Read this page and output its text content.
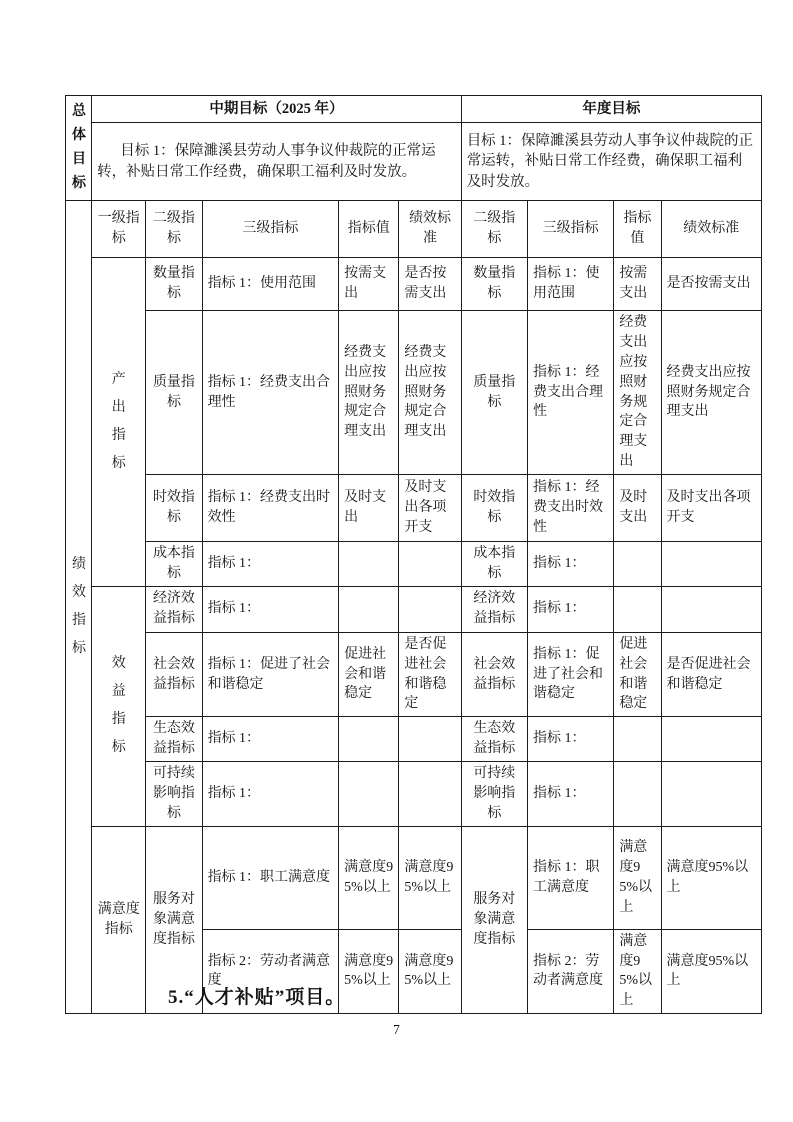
总体目标	中期目标（2025 年）					年度目标			
	目标 1：保障濉溪县劳动人事争议仲裁院的正常运转，补贴日常工作经费，确保职工福利及时发放。					目标 1：保障濉溪县劳动人事争议仲裁院的正常运转，补贴日常工作经费，确保职工福利及时发放。			

绩效指标	一级指标	二级指标	三级指标	指标值	绩效标准	二级指标	三级指标	指标值	绩效标准

	产出指标	数量指标	指标 1：使用范围	按需支出	是否按需支出	数量指标	指标 1：使用范围	按需支出	是否按需支出
		质量指标	指标 1：经费支出合理性	经费支出应按照财务规定合理支出	经费支出应按照财务规定合理支出	质量指标	指标 1：经费支出合理性	经费支出应按照财务规定合理支出	经费支出应按照财务规定合理支出
		时效指标	指标 1：经费支出时效性	及时支出	及时支出各项开支	时效指标	指标 1：经费支出时效性	及时支出	及时支出各项开支
		成本指标	指标 1：			成本指标	指标 1：		

	效益指标	经济效益指标	指标 1：			经济效益指标	指标 1：		
		社会效益指标	指标 1：促进了社会和谐稳定	促进社会和谐稳定	是否促进社会和谐稳定	社会效益指标	指标 1：促进了社会和谐稳定	促进社会和谐稳定	是否促进社会和谐稳定
		生态效益指标	指标 1：			生态效益指标	指标 1：		
		可持续影响指标	指标 1：			可持续影响指标	指标 1：		
	满意度指标	服务对象满意度指标	指标 1：职工满意度	满意度95%以上	满意度95%以上	服务对象满意度指标	指标 1：职工满意度	满意度95%以上	满意度95%以上
			指标 2：劳动者满意度	满意度95%以上	满意度95%以上		指标 2：劳动者满意度	满意度95%以上	满意度95%以上
5.“人才补贴”项目。
7
